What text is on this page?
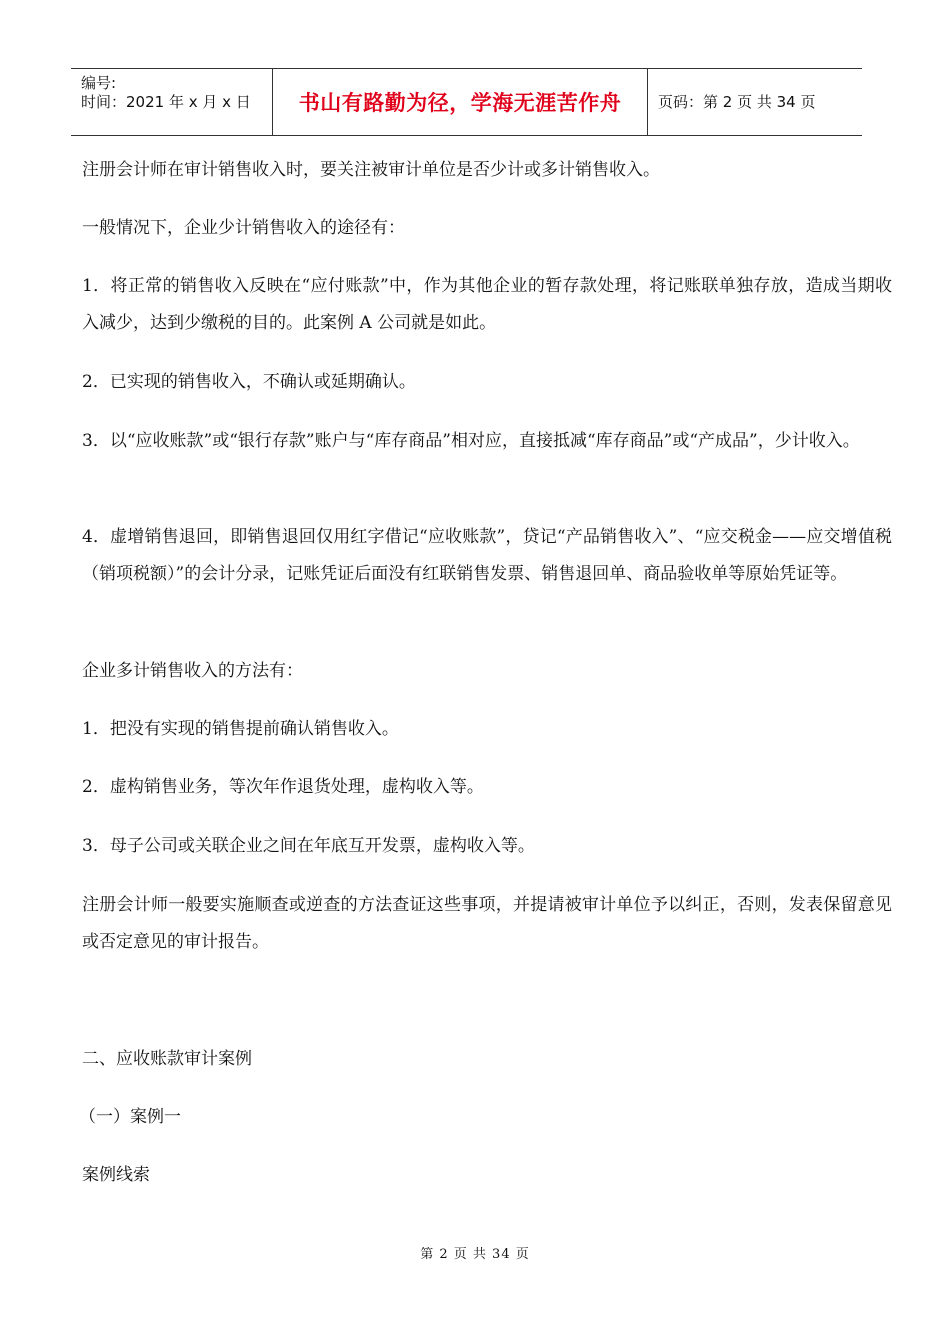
编号:
时间：2021 年 x 月 x 日	书山有路勤为径，学海无涯苦作舟	页码：第 2 页 共 34 页

注册会计师在审计销售收入时，要关注被审计单位是否少计或多计销售收入。

一般情况下，企业少计销售收入的途径有：

1．将正常的销售收入反映在“应付账款”中，作为其他企业的暂存款处理，将记账联单独存放，造成当期收入减少，达到少缴税的目的。此案例 A 公司就是如此。

2．已实现的销售收入，不确认或延期确认。

3．以“应收账款”或“银行存款”账户与“库存商品”相对应，直接抵减“库存商品”或“产成品”，少计收入。

4．虚增销售退回，即销售退回仅用红字借记“应收账款”，贷记“产品销售收入”、“应交税金——应交增值税（销项税额）”的会计分录，记账凭证后面没有红联销售发票、销售退回单、商品验收单等原始凭证等。

企业多计销售收入的方法有：

1．把没有实现的销售提前确认销售收入。

2．虚构销售业务，等次年作退货处理，虚构收入等。

3．母子公司或关联企业之间在年底互开发票，虚构收入等。

注册会计师一般要实施顺查或逆查的方法查证这些事项，并提请被审计单位予以纠正，否则，发表保留意见或否定意见的审计报告。

二、应收账款审计案例

（一）案例一

案例线索

第 2 页 共 34 页
